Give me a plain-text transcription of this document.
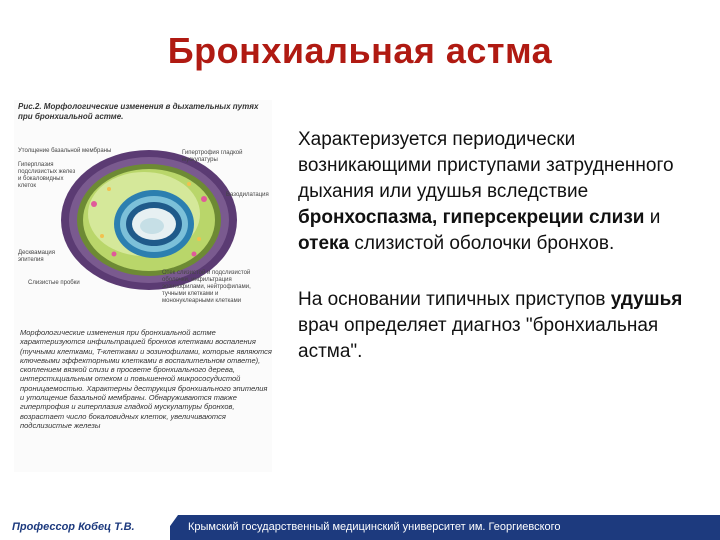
Бронхиальная астма
Рис.2. Морфологические изменения в дыхательных путях при бронхиальной астме.
Утолщение базальной мембраны	Гипертрофия гладкой мускулатуры
Гиперплазия подслизистых желез и бокаловидных клеток
Вазодилатация
Десквамация эпителия
Слизистые пробки
Отек слизистой и подслизистой оболочки, инфильтрация эозинофилами, нейтрофилами, тучными клетками и мононуклеарными клетками
Морфологические изменения при бронхиальной астме характеризуются инфильтрацией бронхов клетками воспаления (тучными клетками, T-клетками и эозинофилами, которые являются ключевыми эффекторными клетками в воспалительном ответе), скоплением вязкой слизи в просвете бронхиального дерева, интерстициальным отеком и повышенной микрососудистой проницаемостью. Характерны деструкция бронхиального эпителия и утолщение базальной мембраны. Обнаруживаются также гипертрофия и гиперплазия гладкой мускулатуры бронхов, возрастает число бокаловидных клеток, увеличиваются подслизистые железы

Характеризуется периодически возникающими приступами затрудненного дыхания или удушья вследствие бронхоспазма, гиперсекреции слизи и отека слизистой оболочки бронхов.

На основании типичных приступов удушья врач определяет диагноз "бронхиальная астма".

Профессор Кобец Т.В.	Крымский государственный медицинский университет им. Георгиевского
